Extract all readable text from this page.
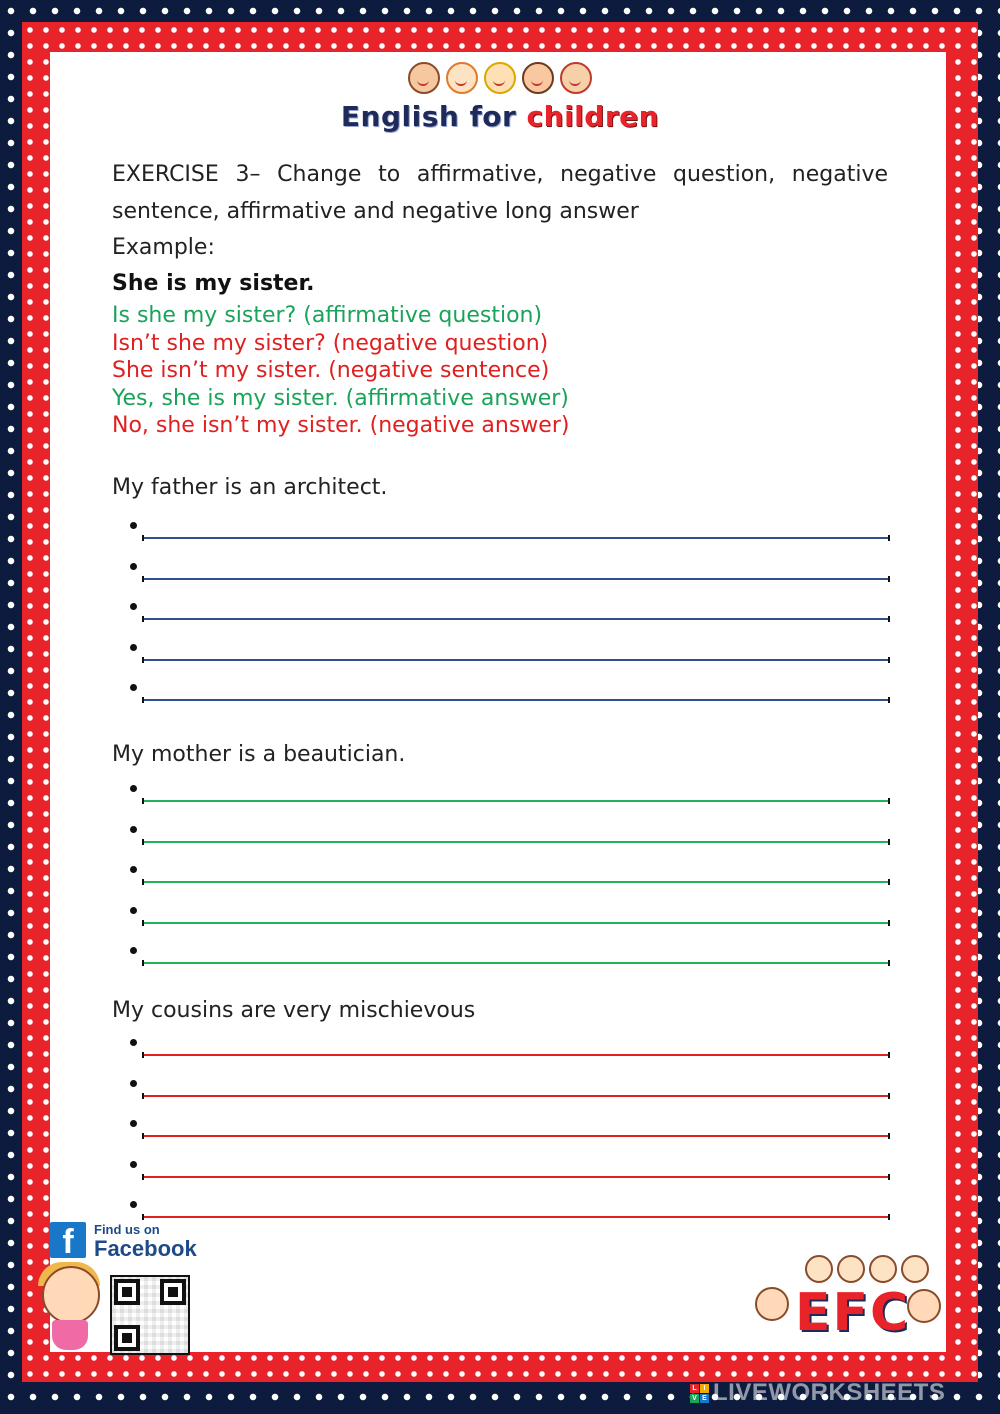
English for children

EXERCISE 3– Change to affirmative, negative question, negative sentence, affirmative and negative long answer

Example:

She is my sister.

Is she my sister? (affirmative question)

Isn’t she my sister? (negative question)

She isn’t my sister. (negative sentence)

Yes, she is my sister. (affirmative answer)

No, she isn’t my sister. (negative answer)

My father is an architect.

My mother is a beautician.

My cousins are very mischievous

f	Find us on
Facebook
EFC
L I
V E LIVEWORKSHEETS
